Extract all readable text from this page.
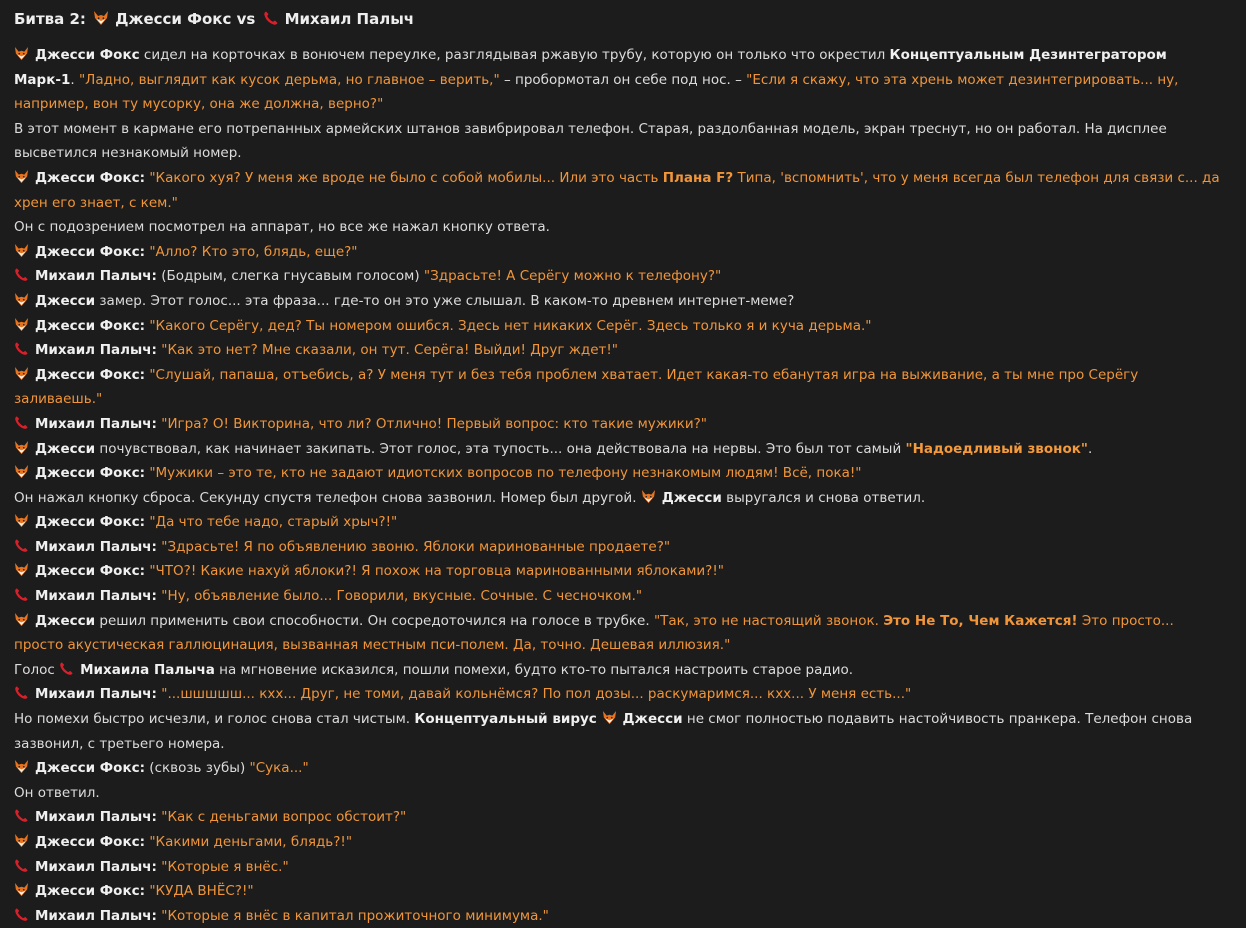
Битва 2: Джесси Фокс vs Михаил Палыч
Джесси Фокс сидел на корточках в вонючем переулке, разглядывая ржавую трубу, которую он только что окрестил Концептуальным Дезинтегратором Марк-1. "Ладно, выглядит как кусок дерьма, но главное – верить," – пробормотал он себе под нос. – "Если я скажу, что эта хрень может дезинтегрировать... ну, например, вон ту мусорку, она же должна, верно?"
В этот момент в кармане его потрепанных армейских штанов завибрировал телефон. Старая, раздолбанная модель, экран треснут, но он работал. На дисплее высветился незнакомый номер.
Джесси Фокс: "Какого хуя? У меня же вроде не было с собой мобилы... Или это часть Плана F? Типа, 'вспомнить', что у меня всегда был телефон для связи с... да хрен его знает, с кем."
Он с подозрением посмотрел на аппарат, но все же нажал кнопку ответа.
Джесси Фокс: "Алло? Кто это, блядь, еще?"
Михаил Палыч: (Бодрым, слегка гнусавым голосом) "Здрасьте! А Серёгу можно к телефону?"
Джесси замер. Этот голос... эта фраза... где-то он это уже слышал. В каком-то древнем интернет-меме?
Джесси Фокс: "Какого Серёгу, дед? Ты номером ошибся. Здесь нет никаких Серёг. Здесь только я и куча дерьма."
Михаил Палыч: "Как это нет? Мне сказали, он тут. Серёга! Выйди! Друг ждет!"
Джесси Фокс: "Слушай, папаша, отъебись, а? У меня тут и без тебя проблем хватает. Идет какая-то ебанутая игра на выживание, а ты мне про Серёгу заливаешь."
Михаил Палыч: "Игра? О! Викторина, что ли? Отлично! Первый вопрос: кто такие мужики?"
Джесси почувствовал, как начинает закипать. Этот голос, эта тупость... она действовала на нервы. Это был тот самый "Надоедливый звонок".
Джесси Фокс: "Мужики – это те, кто не задают идиотских вопросов по телефону незнакомым людям! Всё, пока!"
Он нажал кнопку сброса. Секунду спустя телефон снова зазвонил. Номер был другой.
Джесси выругался и снова ответил.
Джесси Фокс: "Да что тебе надо, старый хрыч?!"
Михаил Палыч: "Здрасьте! Я по объявлению звоню. Яблоки маринованные продаете?"
Джесси Фокс: "ЧТО?! Какие нахуй яблоки?! Я похож на торговца маринованными яблоками?!"
Михаил Палыч: "Ну, объявление было... Говорили, вкусные. Сочные. С чесночком."
Джесси решил применить свои способности. Он сосредоточился на голосе в трубке. "Так, это не настоящий звонок. Это Не То, Чем Кажется! Это просто... просто акустическая галлюцинация, вызванная местным пси-полем. Да, точно. Дешевая иллюзия."
Голос
Михаила Палыча на мгновение исказился, пошли помехи, будто кто-то пытался настроить старое радио.
Михаил Палыч: "...шшшшш... кхх... Друг, не томи, давай кольнёмся? По пол дозы... раскумаримся... кхх... У меня есть..."
Но помехи быстро исчезли, и голос снова стал чистым. Концептуальный вирус
Джесси не смог полностью подавить настойчивость пранкера. Телефон снова зазвонил, с третьего номера.
Джесси Фокс: (сквозь зубы) "Сука..."
Он ответил.
Михаил Палыч: "Как с деньгами вопрос обстоит?"
Джесси Фокс: "Какими деньгами, блядь?!"
Михаил Палыч: "Которые я внёс."
Джесси Фокс: "КУДА ВНЁС?!"
Михаил Палыч: "Которые я внёс в капитал прожиточного минимума."
